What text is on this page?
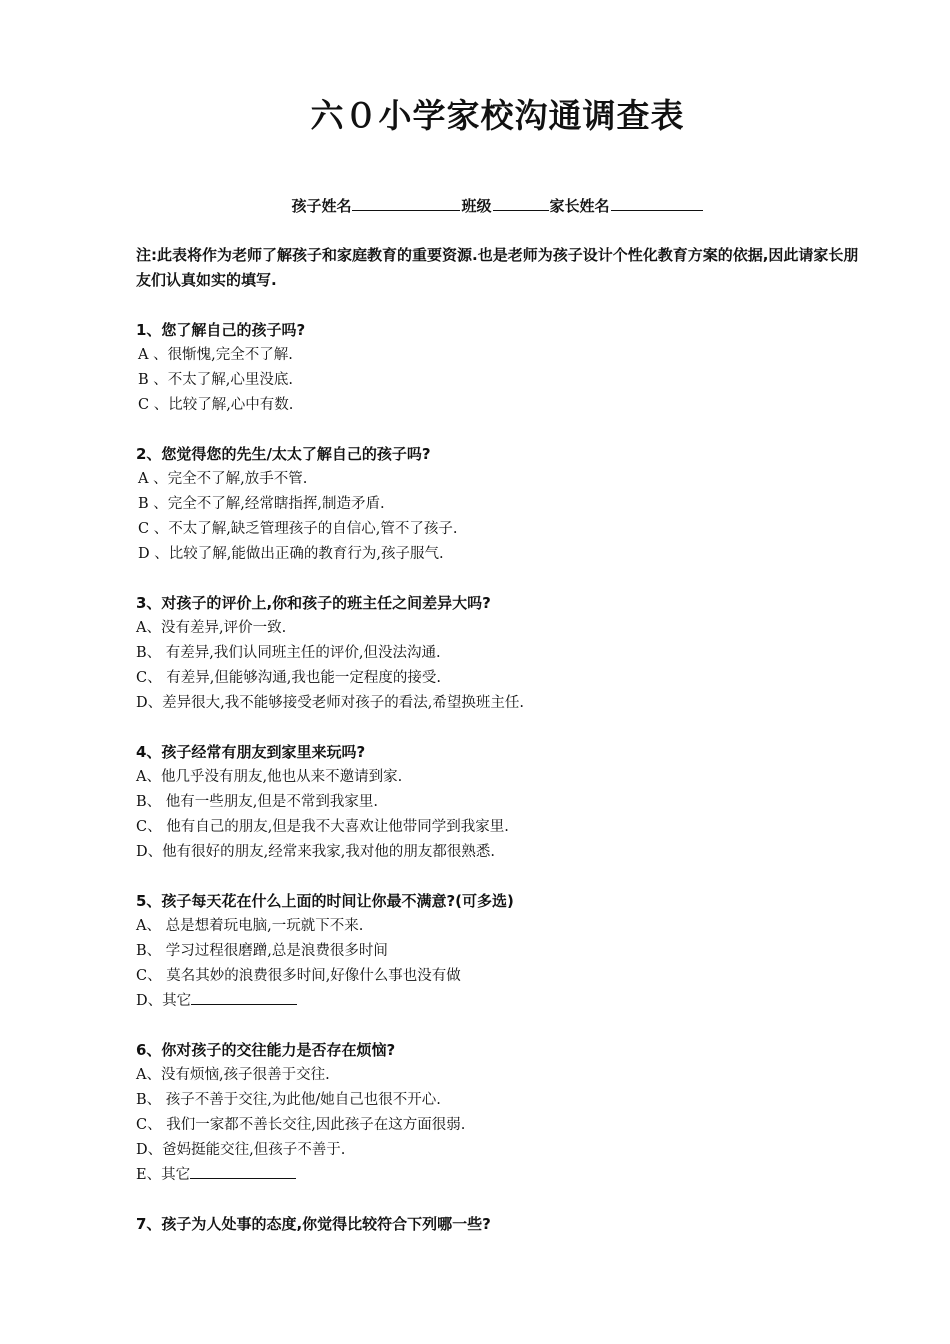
六０小学家校沟通调查表
孩子姓名	班级	家长姓名
注:此表将作为老师了解孩子和家庭教育的重要资源.也是老师为孩子设计个性化教育方案的依据,因此请家长朋友们认真如实的填写.
1、您了解自己的孩子吗?
A 、很惭愧,完全不了解.
B 、不太了解,心里没底.
C 、比较了解,心中有数.
2、您觉得您的先生/太太了解自己的孩子吗?
A 、完全不了解,放手不管.
B 、完全不了解,经常瞎指挥,制造矛盾.
C 、不太了解,缺乏管理孩子的自信心,管不了孩子.
D 、比较了解,能做出正确的教育行为,孩子服气.
3、对孩子的评价上,你和孩子的班主任之间差异大吗?
A、没有差异,评价一致.
B、 有差异,我们认同班主任的评价,但没法沟通.
C、 有差异,但能够沟通,我也能一定程度的接受.
D、差异很大,我不能够接受老师对孩子的看法,希望换班主任.
4、孩子经常有朋友到家里来玩吗?
A、他几乎没有朋友,他也从来不邀请到家.
B、 他有一些朋友,但是不常到我家里.
C、 他有自己的朋友,但是我不大喜欢让他带同学到我家里.
D、他有很好的朋友,经常来我家,我对他的朋友都很熟悉.
5、孩子每天花在什么上面的时间让你最不满意?(可多选)
A、 总是想着玩电脑,一玩就下不来.
B、 学习过程很磨蹭,总是浪费很多时间
C、 莫名其妙的浪费很多时间,好像什么事也没有做
D、其它
6、你对孩子的交往能力是否存在烦恼?
A、没有烦恼,孩子很善于交往.
B、 孩子不善于交往,为此他/她自己也很不开心.
C、 我们一家都不善长交往,因此孩子在这方面很弱.
D、爸妈挺能交往,但孩子不善于.
E、其它
7、孩子为人处事的态度,你觉得比较符合下列哪一些?
